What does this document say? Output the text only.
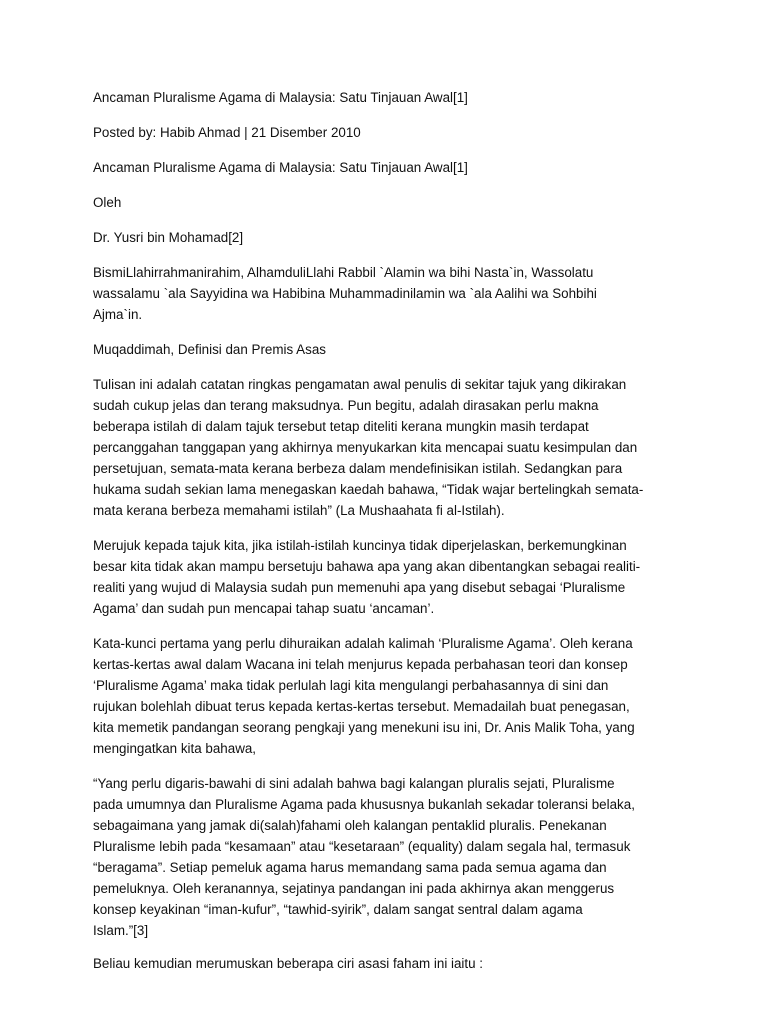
Ancaman Pluralisme Agama di Malaysia: Satu Tinjauan Awal[1]
Posted by: Habib Ahmad | 21 Disember 2010
Ancaman Pluralisme Agama di Malaysia: Satu Tinjauan Awal[1]
Oleh
Dr. Yusri bin Mohamad[2]
BismiLlahirrahmanirahim, AlhamduliLlahi Rabbil `Alamin wa bihi Nasta`in, Wassolatu
wassalamu `ala Sayyidina wa Habibina Muhammadinilamin wa `ala Aalihi wa Sohbihi
Ajma`in.
Muqaddimah, Definisi dan Premis Asas
Tulisan ini adalah catatan ringkas pengamatan awal penulis di sekitar tajuk yang dikirakan
sudah cukup jelas dan terang maksudnya. Pun begitu, adalah dirasakan perlu makna
beberapa istilah di dalam tajuk tersebut tetap diteliti kerana mungkin masih terdapat
percanggahan tanggapan yang akhirnya menyukarkan kita mencapai suatu kesimpulan dan
persetujuan, semata-mata kerana berbeza dalam mendefinisikan istilah. Sedangkan para
hukama sudah sekian lama menegaskan kaedah bahawa, “Tidak wajar bertelingkah semata-
mata kerana berbeza memahami istilah” (La Mushaahata fi al-Istilah).
Merujuk kepada tajuk kita, jika istilah-istilah kuncinya tidak diperjelaskan, berkemungkinan
besar kita tidak akan mampu bersetuju bahawa apa yang akan dibentangkan sebagai realiti-
realiti yang wujud di Malaysia sudah pun memenuhi apa yang disebut sebagai ‘Pluralisme
Agama’ dan sudah pun mencapai tahap suatu ‘ancaman’.
Kata-kunci pertama yang perlu dihuraikan adalah kalimah ‘Pluralisme Agama’. Oleh kerana
kertas-kertas awal dalam Wacana ini telah menjurus kepada perbahasan teori dan konsep
‘Pluralisme Agama’ maka tidak perlulah lagi kita mengulangi perbahasannya di sini dan
rujukan bolehlah dibuat terus kepada kertas-kertas tersebut. Memadailah buat penegasan,
kita memetik pandangan seorang pengkaji yang menekuni isu ini, Dr. Anis Malik Toha, yang
mengingatkan kita bahawa,
“Yang perlu digaris-bawahi di sini adalah bahwa bagi kalangan pluralis sejati, Pluralisme
pada umumnya dan Pluralisme Agama pada khususnya bukanlah sekadar toleransi belaka,
sebagaimana yang jamak di(salah)fahami oleh kalangan pentaklid pluralis. Penekanan
Pluralisme lebih pada “kesamaan” atau “kesetaraan” (equality) dalam segala hal, termasuk
“beragama”. Setiap pemeluk agama harus memandang sama pada semua agama dan
pemeluknya. Oleh keranannya, sejatinya pandangan ini pada akhirnya akan menggerus
konsep keyakinan “iman-kufur”, “tawhid-syirik”, dalam sangat sentral dalam agama
Islam.”[3]
Beliau kemudian merumuskan beberapa ciri asasi faham ini iaitu :
